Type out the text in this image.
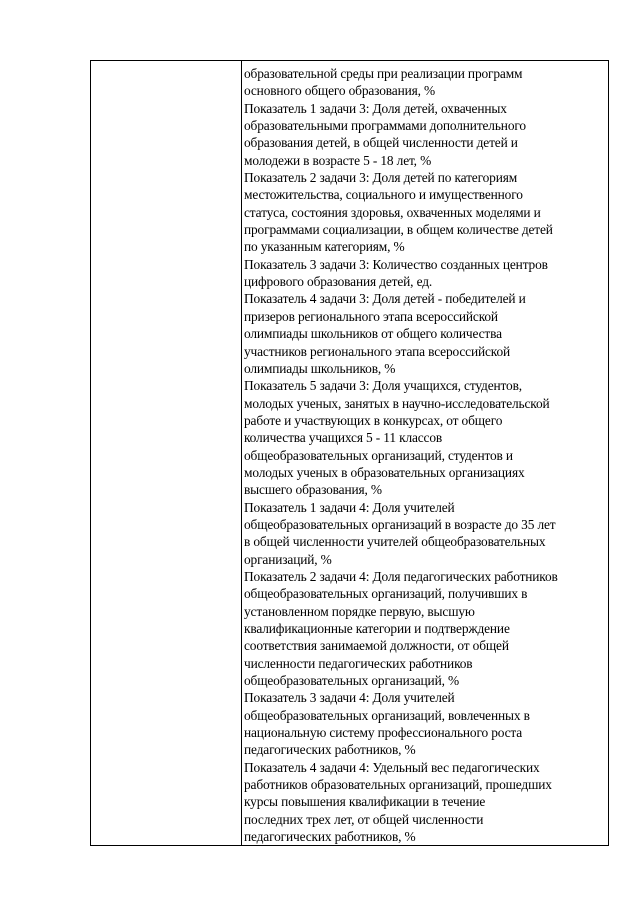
образовательной среды при реализации программ
основного общего образования, %
Показатель 1 задачи 3: Доля детей, охваченных
образовательными программами дополнительного
образования детей, в общей численности детей и
молодежи в возрасте 5 - 18 лет, %
Показатель 2 задачи 3: Доля детей по категориям
местожительства, социального и имущественного
статуса, состояния здоровья, охваченных моделями и
программами социализации, в общем количестве детей
по указанным категориям, %
Показатель 3 задачи 3: Количество созданных центров
цифрового образования детей, ед.
Показатель 4 задачи 3: Доля детей - победителей и
призеров регионального этапа всероссийской
олимпиады школьников от общего количества
участников регионального этапа всероссийской
олимпиады школьников, %
Показатель 5 задачи 3: Доля учащихся, студентов,
молодых ученых, занятых в научно-исследовательской
работе и участвующих в конкурсах, от общего
количества учащихся 5 - 11 классов
общеобразовательных организаций, студентов и
молодых ученых в образовательных организациях
высшего образования, %
Показатель 1 задачи 4: Доля учителей
общеобразовательных организаций в возрасте до 35 лет
в общей численности учителей общеобразовательных
организаций, %
Показатель 2 задачи 4: Доля педагогических работников
общеобразовательных организаций, получивших в
установленном порядке первую, высшую
квалификационные категории и подтверждение
соответствия занимаемой должности, от общей
численности педагогических работников
общеобразовательных организаций, %
Показатель 3 задачи 4: Доля учителей
общеобразовательных организаций, вовлеченных в
национальную систему профессионального роста
педагогических работников, %
Показатель 4 задачи 4: Удельный вес педагогических
работников образовательных организаций, прошедших
курсы повышения квалификации в течение
последних трех лет, от общей численности
педагогических работников, %
